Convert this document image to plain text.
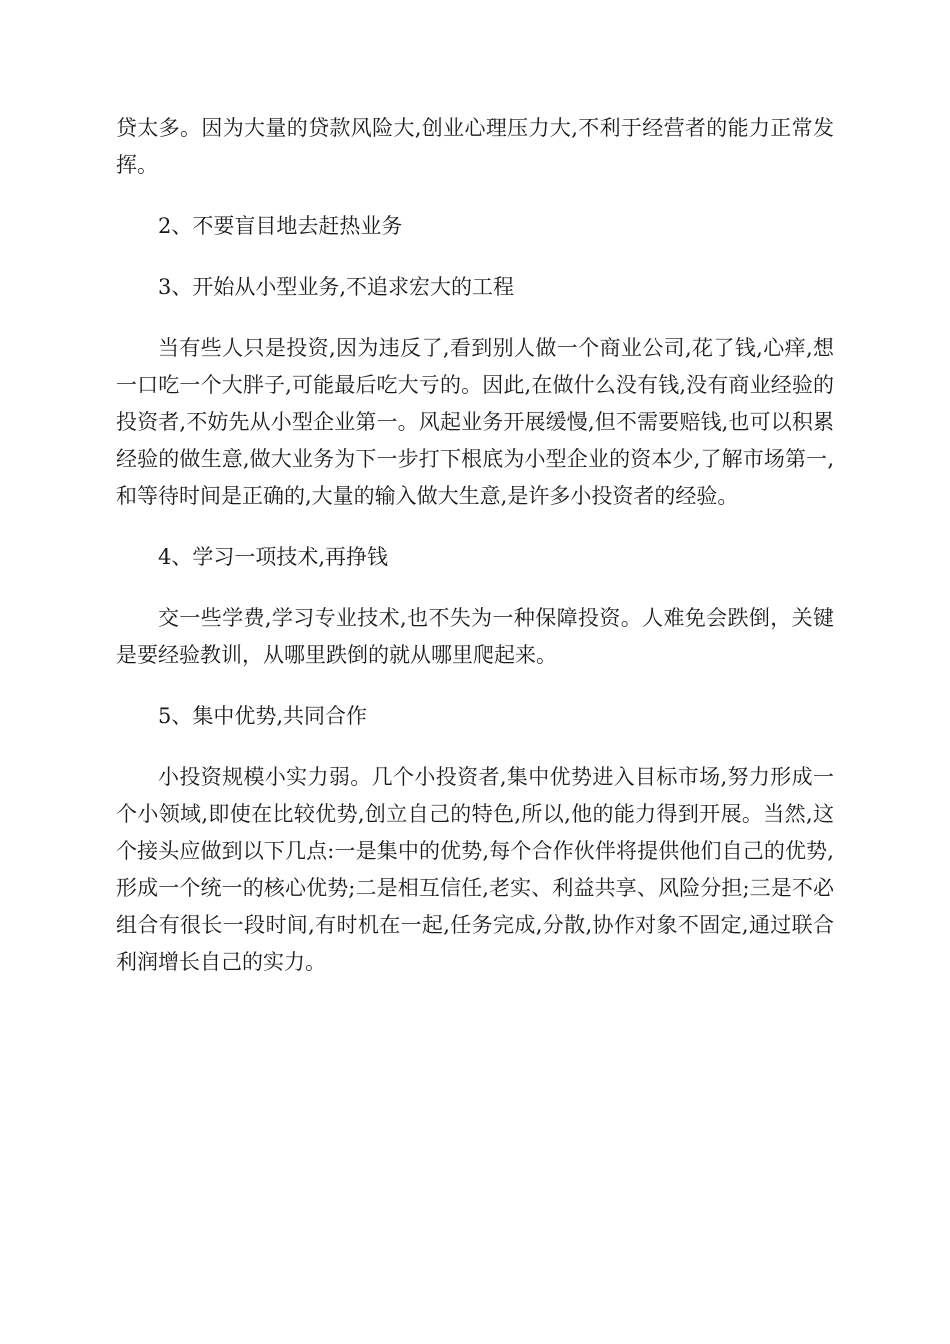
贷太多。因为大量的贷款风险大,创业心理压力大,不利于经营者的能力正常发挥。

2、不要盲目地去赶热业务

3、开始从小型业务,不追求宏大的工程

当有些人只是投资,因为违反了,看到别人做一个商业公司,花了钱,心痒,想一口吃一个大胖子,可能最后吃大亏的。因此,在做什么没有钱,没有商业经验的投资者,不妨先从小型企业第一。风起业务开展缓慢,但不需要赔钱,也可以积累经验的做生意,做大业务为下一步打下根底为小型企业的资本少,了解市场第一,和等待时间是正确的,大量的输入做大生意,是许多小投资者的经验。

4、学习一项技术,再挣钱

交一些学费,学习专业技术,也不失为一种保障投资。人难免会跌倒，关键是要经验教训，从哪里跌倒的就从哪里爬起来。

5、集中优势,共同合作

小投资规模小实力弱。几个小投资者,集中优势进入目标市场,努力形成一个小领域,即使在比较优势,创立自己的特色,所以,他的能力得到开展。当然,这个接头应做到以下几点:一是集中的优势,每个合作伙伴将提供他们自己的优势,形成一个统一的核心优势;二是相互信任,老实、利益共享、风险分担;三是不必组合有很长一段时间,有时机在一起,任务完成,分散,协作对象不固定,通过联合利润增长自己的实力。
